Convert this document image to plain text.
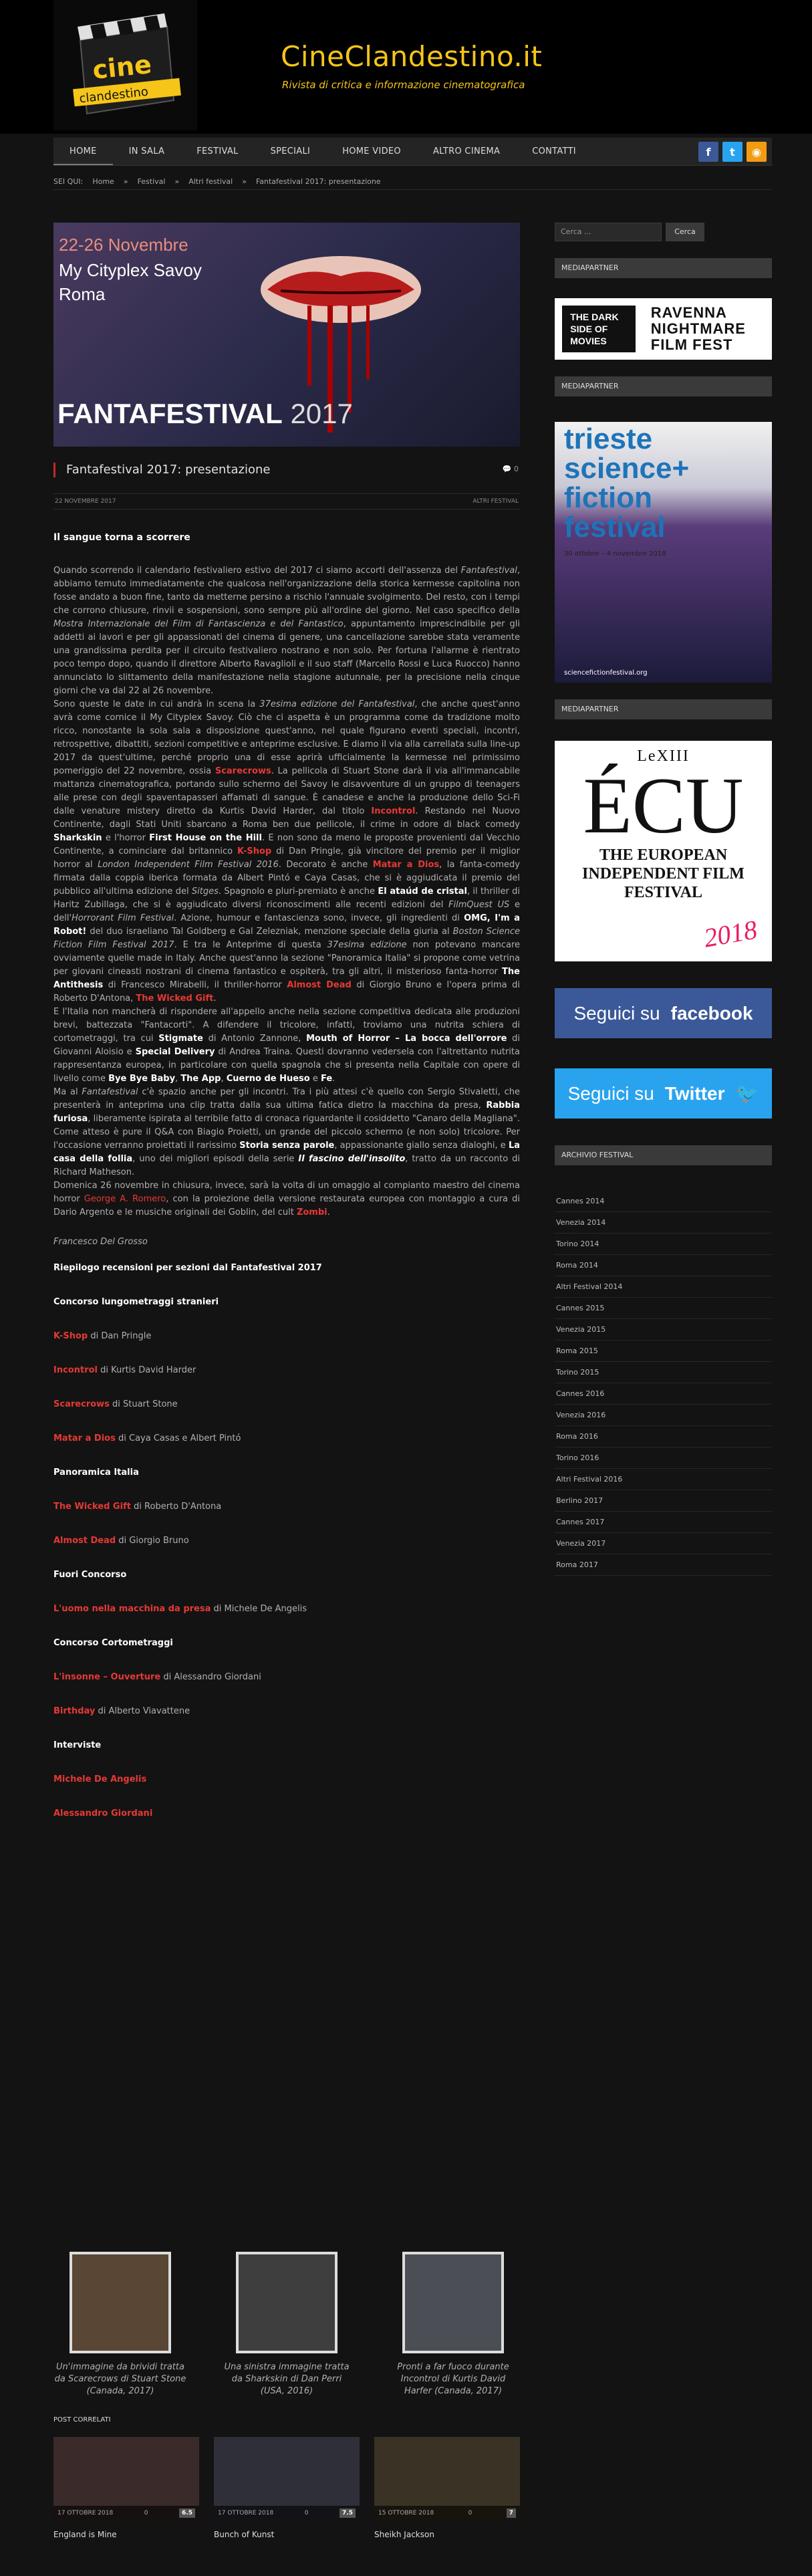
cine
clandestino
CineClandestino.it
Rivista di critica e informazione cinematografica
HOME	IN SALA	FESTIVAL	SPECIALI	HOME VIDEO	ALTRO CINEMA	CONTATTI	f	t	◉
SEI QUI: Home » Festival » Altri festival » Fantafestival 2017: presentazione
22-26 Novembre
My Cityplex Savoy
Roma
FANTAFESTIVAL 2017
Fantafestival 2017: presentazione	💬 0
22 NOVEMBRE 2017	ALTRI FESTIVAL
Il sangue torna a scorrere

Quando scorrendo il calendario festivaliero estivo del 2017 ci siamo accorti dell'assenza del Fantafestival, abbiamo temuto immediatamente che qualcosa nell'organizzazione della storica kermesse capitolina non fosse andato a buon fine, tanto da metterne persino a rischio l'annuale svolgimento. Del resto, con i tempi che corrono chiusure, rinvii e sospensioni, sono sempre più all'ordine del giorno. Nel caso specifico della Mostra Internazionale del Film di Fantascienza e del Fantastico, appuntamento imprescindibile per gli addetti ai lavori e per gli appassionati del cinema di genere, una cancellazione sarebbe stata veramente una grandissima perdita per il circuito festivaliero nostrano e non solo. Per fortuna l'allarme è rientrato poco tempo dopo, quando il direttore Alberto Ravaglioli e il suo staff (Marcello Rossi e Luca Ruocco) hanno annunciato lo slittamento della manifestazione nella stagione autunnale, per la precisione nella cinque giorni che va dal 22 al 26 novembre.

Sono queste le date in cui andrà in scena la 37esima edizione del Fantafestival, che anche quest'anno avrà come cornice il My Cityplex Savoy. Ciò che ci aspetta è un programma come da tradizione molto ricco, nonostante la sola sala a disposizione quest'anno, nel quale figurano eventi speciali, incontri, retrospettive, dibattiti, sezioni competitive e anteprime esclusive. E diamo il via alla carrellata sulla line-up 2017 da quest'ultime, perché proprio una di esse aprirà ufficialmente la kermesse nel primissimo pomeriggio del 22 novembre, ossia Scarecrows. La pellicola di Stuart Stone darà il via all'immancabile mattanza cinematografica, portando sullo schermo del Savoy le disavventure di un gruppo di teenagers alle prese con degli spaventapasseri affamati di sangue. È canadese e anche la produzione dello Sci-Fi dalle venature mistery diretto da Kurtis David Harder, dal titolo Incontrol. Restando nel Nuovo Continente, dagli Stati Uniti sbarcano a Roma ben due pellicole, il crime in odore di black comedy Sharkskin e l'horror First House on the Hill. E non sono da meno le proposte provenienti dal Vecchio Continente, a cominciare dal britannico K-Shop di Dan Pringle, già vincitore del premio per il miglior horror al London Independent Film Festival 2016. Decorato è anche Matar a Dios, la fanta-comedy firmata dalla coppia iberica formata da Albert Pintó e Caya Casas, che si è aggiudicata il premio del pubblico all'ultima edizione del Sitges. Spagnolo e pluri-premiato è anche El ataúd de cristal, il thriller di Haritz Zubillaga, che si è aggiudicato diversi riconoscimenti alle recenti edizioni del FilmQuest US e dell'Horrorant Film Festival. Azione, humour e fantascienza sono, invece, gli ingredienti di OMG, I'm a Robot! del duo israeliano Tal Goldberg e Gal Zelezniak, menzione speciale della giuria al Boston Science Fiction Film Festival 2017. E tra le Anteprime di questa 37esima edizione non potevano mancare ovviamente quelle made in Italy. Anche quest'anno la sezione "Panoramica Italia" si propone come vetrina per giovani cineasti nostrani di cinema fantastico e ospiterà, tra gli altri, il misterioso fanta-horror The Antithesis di Francesco Mirabelli, il thriller-horror Almost Dead di Giorgio Bruno e l'opera prima di Roberto D'Antona, The Wicked Gift.

E l'Italia non mancherà di rispondere all'appello anche nella sezione competitiva dedicata alle produzioni brevi, battezzata "Fantacorti". A difendere il tricolore, infatti, troviamo una nutrita schiera di cortometraggi, tra cui Stigmate di Antonio Zannone, Mouth of Horror – La bocca dell'orrore di Giovanni Aloisio e Special Delivery di Andrea Traina. Questi dovranno vedersela con l'altrettanto nutrita rappresentanza europea, in particolare con quella spagnola che si presenta nella Capitale con opere di livello come Bye Bye Baby, The App, Cuerno de Hueso e Fe.

Ma al Fantafestival c'è spazio anche per gli incontri. Tra i più attesi c'è quello con Sergio Stivaletti, che presenterà in anteprima una clip tratta dalla sua ultima fatica dietro la macchina da presa, Rabbia furiosa, liberamente ispirata al terribile fatto di cronaca riguardante il cosiddetto "Canaro della Magliana". Come atteso è pure il Q&A con Biagio Proietti, un grande del piccolo schermo (e non solo) tricolore. Per l'occasione verranno proiettati il rarissimo Storia senza parole, appassionante giallo senza dialoghi, e La casa della follia, uno dei migliori episodi della serie Il fascino dell'insolito, tratto da un racconto di Richard Matheson.

Domenica 26 novembre in chiusura, invece, sarà la volta di un omaggio al compianto maestro del cinema horror George A. Romero, con la proiezione della versione restaurata europea con montaggio a cura di Dario Argento e le musiche originali dei Goblin, del cult Zombi.

Francesco Del Grosso
Riepilogo recensioni per sezioni dal Fantafestival 2017
Concorso lungometraggi stranieri
K-Shop di Dan Pringle
Incontrol di Kurtis David Harder
Scarecrows di Stuart Stone
Matar a Dios di Caya Casas e Albert Pintó
Panoramica Italia
The Wicked Gift di Roberto D'Antona
Almost Dead di Giorgio Bruno
Fuori Concorso
L'uomo nella macchina da presa di Michele De Angelis
Concorso Cortometraggi
L'insonne – Ouverture di Alessandro Giordani
Birthday di Alberto Viavattene
Interviste
Michele De Angelis
Alessandro Giordani
Un'immagine da brividi tratta da Scarecrows di Stuart Stone (Canada, 2017)
Una sinistra immagine tratta da Sharkskin di Dan Perri (USA, 2016)
Pronti a far fuoco durante Incontrol di Kurtis David Harfer (Canada, 2017)
POST CORRELATI
17 OTTOBRE 2018	0	6.5
England is Mine
17 OTTOBRE 2018	0	7.5
Bunch of Kunst
15 OTTOBRE 2018	0	7
Sheikh Jackson
Cerca ...	Cerca
MEDIAPARTNER
THE DARK SIDE OF MOVIES
RAVENNA NIGHTMARE FILM FEST
MEDIAPARTNER
trieste science+ fiction festival
30 ottobre – 4 novembre 2018
sciencefictionfestival.org
MEDIAPARTNER
LeXIII
ÉCU
THE EUROPEAN INDEPENDENT FILM FESTIVAL
2018
Seguici su facebook
Seguici su Twitter 🐦
ARCHIVIO FESTIVAL
Cannes 2014
Venezia 2014
Torino 2014
Roma 2014
Altri Festival 2014
Cannes 2015
Venezia 2015
Roma 2015
Torino 2015
Cannes 2016
Venezia 2016
Roma 2016
Torino 2016
Altri Festival 2016
Berlino 2017
Cannes 2017
Venezia 2017
Roma 2017
